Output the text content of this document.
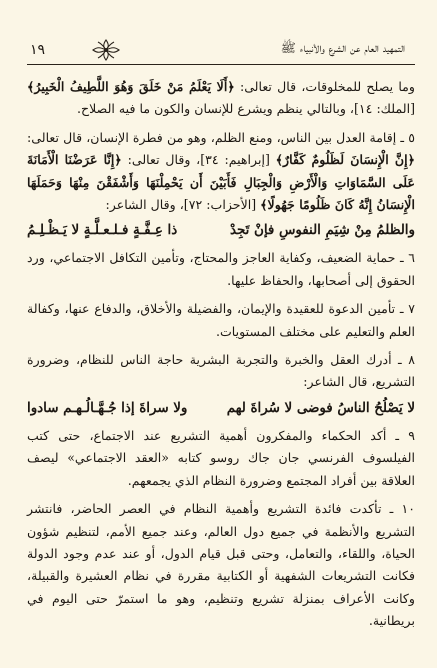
١٩	التمهيد العام عن الشرع والأنبياء ﷺ

وما يصلح للمخلوقات، قال تعالى: ﴿أَلَا يَعْلَمُ مَنْ خَلَقَ وَهُوَ اللَّطِيفُ الْخَبِيرُ﴾ [الملك: ١٤]، وبالتالي ينظم ويشرع للإنسان والكون ما فيه الصلاح.

٥ ـ إقامة العدل بين الناس، ومنع الظلم، وهو من فطرة الإنسان، قال تعالى: ﴿إِنَّ الْإِنسَانَ لَظَلُومٌ كَفَّارٌ﴾ [إبراهيم: ٣٤]، وقال تعالى: ﴿إِنَّا عَرَضْنَا الْأَمَانَةَ عَلَى السَّمَاوَاتِ وَالْأَرْضِ وَالْجِبَالِ فَأَبَيْنَ أَن يَحْمِلْنَهَا وَأَشْفَقْنَ مِنْهَا وَحَمَلَهَا الْإِنسَانُ إِنَّهُ كَانَ ظَلُومًا جَهُولًا﴾ [الأحزاب: ٧٢]، وقال الشاعر:

والظلمُ مِنْ شِيَمِ النفوسِ فإنْ تَجِدْ
ذا عِـفَّـةٍ فـلـعـلَّـةٍ لا يَـظْـلِـمُ

٦ ـ حماية الضعيف، وكفاية العاجز والمحتاج، وتأمين التكافل الاجتماعي، ورد الحقوق إلى أصحابها، والحفاظ عليها.

٧ ـ تأمين الدعوة للعقيدة والإيمان، والفضيلة والأخلاق، والدفاع عنها، وكفالة العلم والتعليم على مختلف المستويات.

٨ ـ أدرك العقل والخبرة والتجربة البشرية حاجة الناس للنظام، وضرورة التشريع، قال الشاعر:

لا يَصْلُحُ الناسُ فوضى لا سُراةَ لهم
ولا سراةَ إذا جُـهَّـالُـهـم سادوا

٩ ـ أكد الحكماء والمفكرون أهمية التشريع عند الاجتماع، حتى كتب الفيلسوف الفرنسي جان جاك روسو كتابه «العقد الاجتماعي» ليصف العلاقة بين أفراد المجتمع وضرورة النظام الذي يجمعهم.

١٠ ـ تأكدت فائدة التشريع وأهمية النظام في العصر الحاضر، فانتشر التشريع والأنظمة في جميع دول العالم، وعند جميع الأمم، لتنظيم شؤون الحياة، واللقاء، والتعامل، وحتى قبل قيام الدول، أو عند عدم وجود الدولة فكانت التشريعات الشفهية أو الكتابية مقررة في نظام العشيرة والقبيلة، وكانت الأعراف بمنزلة تشريع وتنظيم، وهو ما استمرّ حتى اليوم في بريطانية.
